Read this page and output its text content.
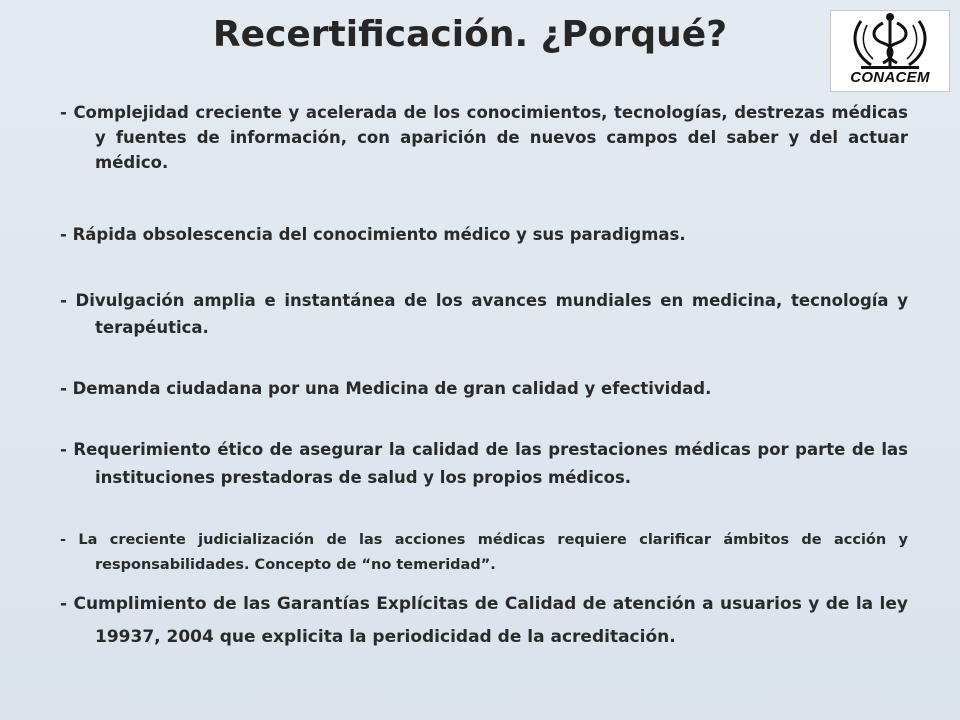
Recertificación. ¿Porqué?
CONACEM

- Complejidad creciente y acelerada de los conocimientos, tecnologías, destrezas médicas y fuentes de información, con aparición de nuevos campos del saber y del actuar médico.

- Rápida obsolescencia del conocimiento médico y sus paradigmas.

- Divulgación amplia e instantánea de los avances mundiales en medicina, tecnología y terapéutica.

- Demanda ciudadana por una Medicina de gran calidad y efectividad.

- Requerimiento ético de asegurar la calidad de las prestaciones médicas por parte de las instituciones prestadoras de salud y los propios médicos.

- La creciente judicialización de las acciones médicas requiere clarificar ámbitos de acción y responsabilidades. Concepto de “no temeridad”.

- Cumplimiento de las Garantías Explícitas de Calidad de atención a usuarios y de la ley 19937, 2004 que explicita la periodicidad de la acreditación.
